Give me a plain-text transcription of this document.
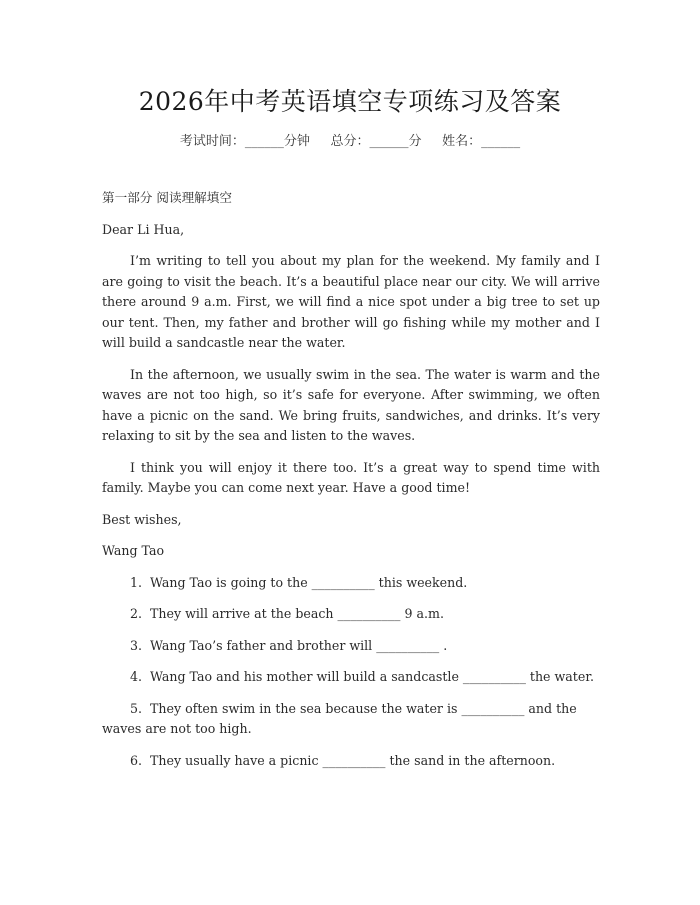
2026年中考英语填空专项练习及答案
考试时间：______分钟     总分：______分     姓名：______

第一部分 阅读理解填空

Dear Li Hua,

I’m writing to tell you about my plan for the weekend. My family and I are going to visit the beach. It’s a beautiful place near our city. We will arrive there around 9 a.m. First, we will find a nice spot under a big tree to set up our tent. Then, my father and brother will go fishing while my mother and I will build a sandcastle near the water.

In the afternoon, we usually swim in the sea. The water is warm and the waves are not too high, so it’s safe for everyone. After swimming, we often have a picnic on the sand. We bring fruits, sandwiches, and drinks. It’s very relaxing to sit by the sea and listen to the waves.

I think you will enjoy it there too. It’s a great way to spend time with family. Maybe you can come next year. Have a good time!

Best wishes,

Wang Tao

1.  Wang Tao is going to the __________ this weekend.

2.  They will arrive at the beach __________ 9 a.m.

3.  Wang Tao’s father and brother will __________ .

4.  Wang Tao and his mother will build a sandcastle __________ the water.

5.  They often swim in the sea because the water is __________ and the waves are not too high.

6.  They usually have a picnic __________ the sand in the afternoon.
